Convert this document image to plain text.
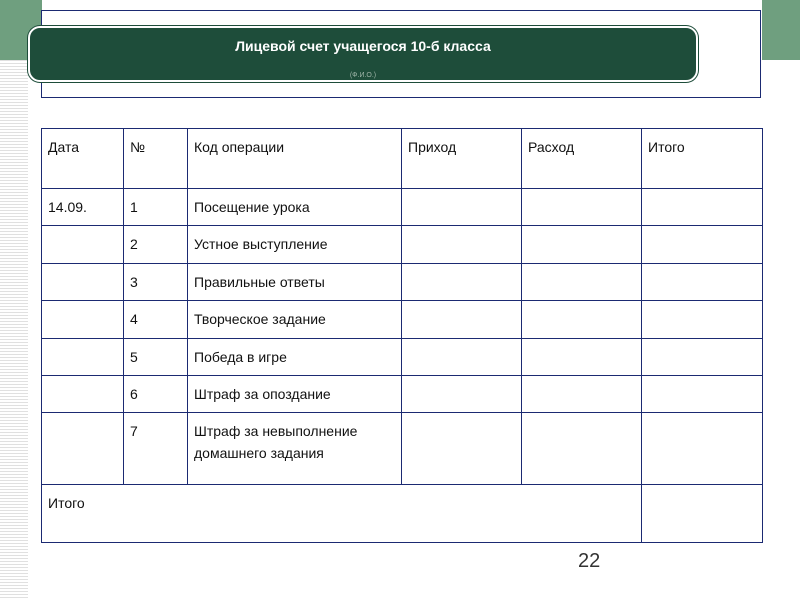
Лицевой счет учащегося 10-б класса
(Ф.И.О.)
Дата	№	Код операции	Приход	Расход	Итого
14.09.	1	Посещение урока			
	2	Устное выступление			
	3	Правильные ответы			
	4	Творческое задание			
	5	Победа в игре			
	6	Штраф за опоздание			
	7	Штраф за невыполнение домашнего задания			
Итого					
22
